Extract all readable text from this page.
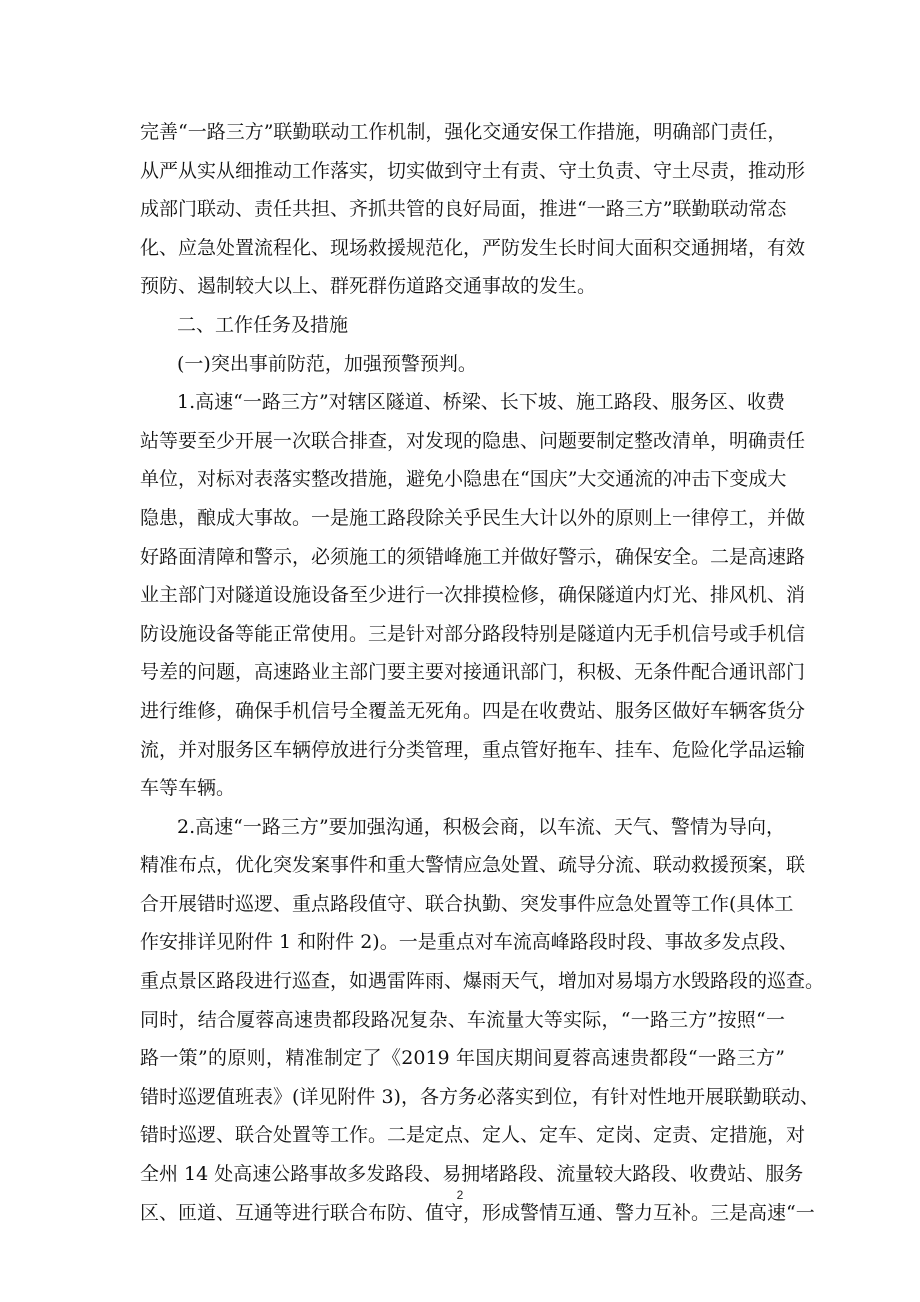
完善“一路三方”联勤联动工作机制，强化交通安保工作措施，明确部门责任，
从严从实从细推动工作落实，切实做到守土有责、守土负责、守土尽责，推动形
成部门联动、责任共担、齐抓共管的良好局面，推进“一路三方”联勤联动常态
化、应急处置流程化、现场救援规范化，严防发生长时间大面积交通拥堵，有效
预防、遏制较大以上、群死群伤道路交通事故的发生。
二、工作任务及措施
(一)突出事前防范，加强预警预判。
1.高速“一路三方”对辖区隧道、桥梁、长下坡、施工路段、服务区、收费
站等要至少开展一次联合排查，对发现的隐患、问题要制定整改清单，明确责任
单位，对标对表落实整改措施，避免小隐患在“国庆”大交通流的冲击下变成大
隐患，酿成大事故。一是施工路段除关乎民生大计以外的原则上一律停工，并做
好路面清障和警示，必须施工的须错峰施工并做好警示，确保安全。二是高速路
业主部门对隧道设施设备至少进行一次排摸检修，确保隧道内灯光、排风机、消
防设施设备等能正常使用。三是针对部分路段特别是隧道内无手机信号或手机信
号差的问题，高速路业主部门要主要对接通讯部门，积极、无条件配合通讯部门
进行维修，确保手机信号全覆盖无死角。四是在收费站、服务区做好车辆客货分
流，并对服务区车辆停放进行分类管理，重点管好拖车、挂车、危险化学品运输
车等车辆。
2.高速“一路三方”要加强沟通，积极会商，以车流、天气、警情为导向，
精准布点，优化突发案事件和重大警情应急处置、疏导分流、联动救援预案，联
合开展错时巡逻、重点路段值守、联合执勤、突发事件应急处置等工作(具体工
作安排详见附件 1 和附件 2)。一是重点对车流高峰路段时段、事故多发点段、
重点景区路段进行巡查，如遇雷阵雨、爆雨天气，增加对易塌方水毁路段的巡查。
同时，结合厦蓉高速贵都段路况复杂、车流量大等实际，“一路三方”按照“一
路一策”的原则，精准制定了《2019 年国庆期间夏蓉高速贵都段“一路三方”
错时巡逻值班表》(详见附件 3)，各方务必落实到位，有针对性地开展联勤联动、
错时巡逻、联合处置等工作。二是定点、定人、定车、定岗、定责、定措施，对
全州 14 处高速公路事故多发路段、易拥堵路段、流量较大路段、收费站、服务
区、匝道、互通等进行联合布防、值守，形成警情互通、警力互补。三是高速“一
2
